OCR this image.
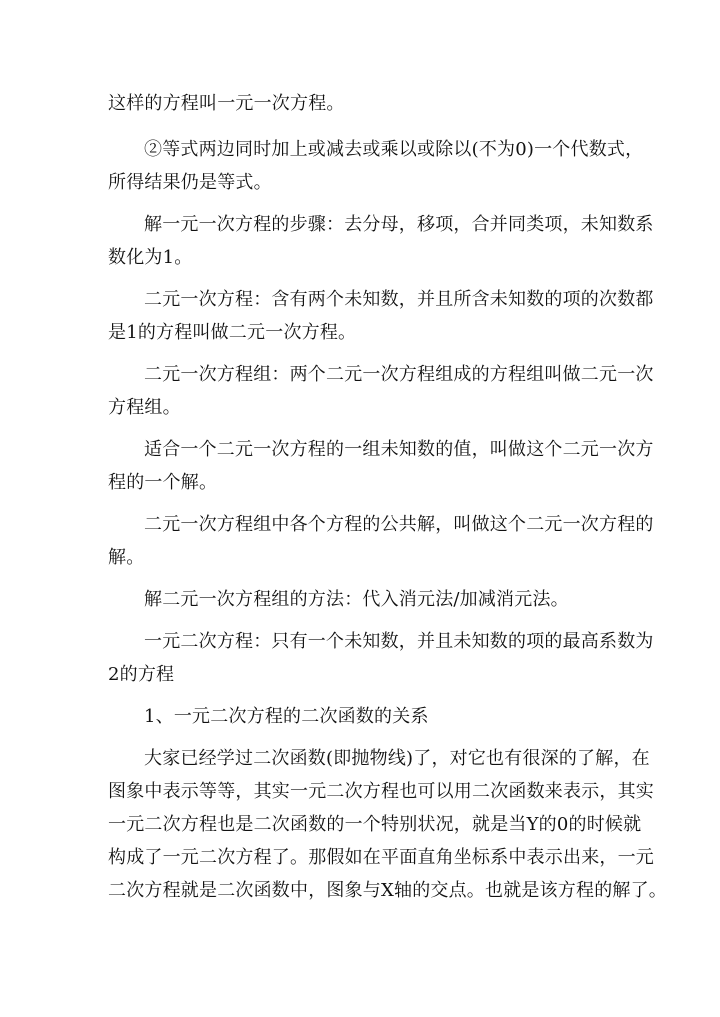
这样的方程叫一元一次方程。
②等式两边同时加上或减去或乘以或除以(不为0)一个代数式，
所得结果仍是等式。
解一元一次方程的步骤：去分母，移项，合并同类项，未知数系
数化为1。
二元一次方程：含有两个未知数，并且所含未知数的项的次数都
是1的方程叫做二元一次方程。
二元一次方程组：两个二元一次方程组成的方程组叫做二元一次
方程组。
适合一个二元一次方程的一组未知数的值，叫做这个二元一次方
程的一个解。
二元一次方程组中各个方程的公共解，叫做这个二元一次方程的
解。
解二元一次方程组的方法：代入消元法/加减消元法。
一元二次方程：只有一个未知数，并且未知数的项的最高系数为
2的方程
1、一元二次方程的二次函数的关系
大家已经学过二次函数(即抛物线)了，对它也有很深的了解，在
图象中表示等等，其实一元二次方程也可以用二次函数来表示，其实
一元二次方程也是二次函数的一个特别状况，就是当Y的0的时候就
构成了一元二次方程了。那假如在平面直角坐标系中表示出来，一元
二次方程就是二次函数中，图象与X轴的交点。也就是该方程的解了。
